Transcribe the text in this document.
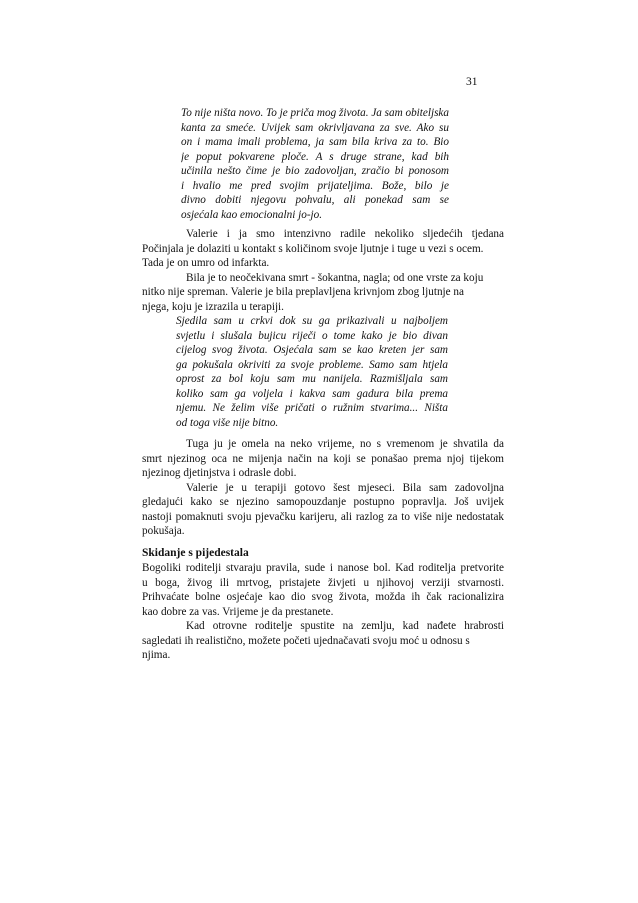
31
To nije ništa novo. To je priča mog života. Ja sam obiteljska
kanta za smeće. Uvijek sam okrivljavana za sve. Ako su
on i mama imali problema, ja sam bila kriva za to. Bio
je poput pokvarene ploče. A s druge strane, kad bih
učinila nešto čime je bio zadovoljan, zračio bi ponosom
i hvalio me pred svojim prijateljima. Bože, bilo je
divno dobiti njegovu pohvalu, ali ponekad sam se
osjećala kao emocionalni jo-jo.
Valerie i ja smo intenzivno radile nekoliko sljedećih tjedana
Počinjala je dolaziti u kontakt s količinom svoje ljutnje i tuge u vezi s ocem.
Tada je on umro od infarkta.
Bila je to neočekivana smrt - šokantna, nagla; od one vrste za koju
nitko nije spreman. Valerie je bila preplavljena krivnjom zbog ljutnje na
njega, koju je izrazila u terapiji.
Sjedila sam u crkvi dok su ga prikazivali u najboljem
svjetlu i slušala bujicu riječi o tome kako je bio divan
cijelog svog života. Osjećala sam se kao kreten jer sam
ga pokušala okriviti za svoje probleme. Samo sam htjela
oprost za bol koju sam mu nanijela. Razmišljala sam
koliko sam ga voljela i kakva sam gadura bila prema
njemu. Ne želim više pričati o ružnim stvarima... Ništa
od toga više nije bitno.
Tuga ju je omela na neko vrijeme, no s vremenom je shvatila da
smrt njezinog oca ne mijenja način na koji se ponašao prema njoj tijekom
njezinog djetinjstva i odrasle dobi.
Valerie je u terapiji gotovo šest mjeseci. Bila sam zadovoljna
gledajući kako se njezino samopouzdanje postupno popravlja. Još uvijek
nastoji pomaknuti svoju pjevačku karijeru, ali razlog za to više nije nedostatak
pokušaja.
Skidanje s pijedestala
Bogoliki roditelji stvaraju pravila, sude i nanose bol. Kad roditelja pretvorite
u boga, živog ili mrtvog, pristajete živjeti u njihovoj verziji stvarnosti.
Prihvaćate bolne osjećaje kao dio svog života, možda ih čak racionalizira
kao dobre za vas. Vrijeme je da prestanete.
Kad otrovne roditelje spustite na zemlju, kad nađete hrabrosti
sagledati ih realistično, možete početi ujednačavati svoju moć u odnosu s
njima.
